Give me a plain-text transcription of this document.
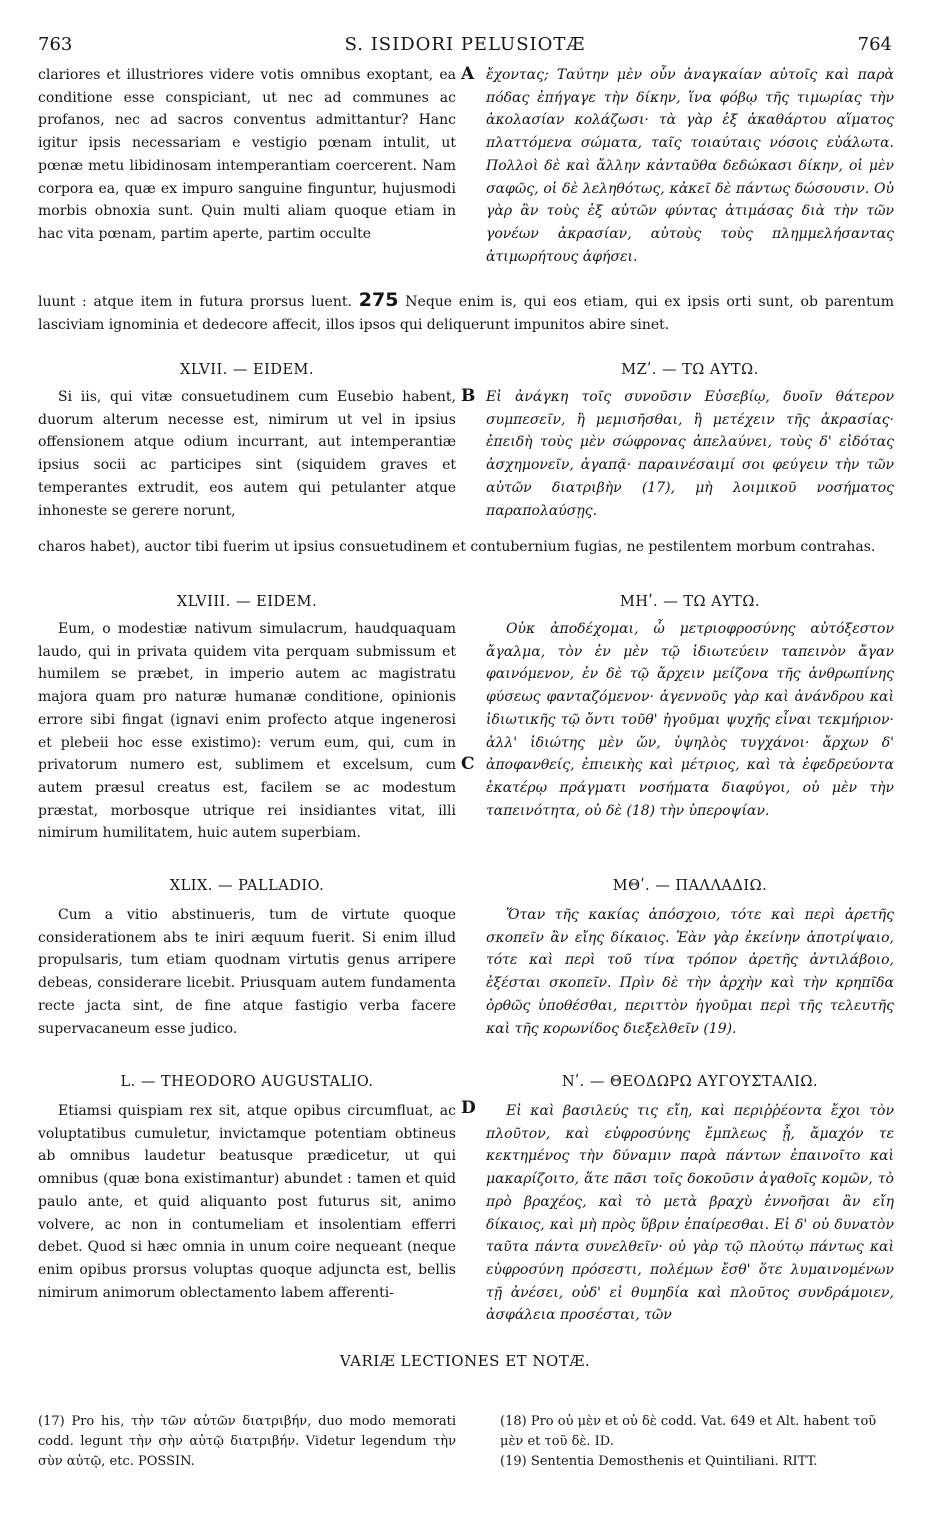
763	S. ISIDORI PELUSIOTÆ	764

clariores et illustriores videre votis omnibus exoptant, ea conditione esse conspiciant, ut nec ad communes ac profanos, nec ad sacros conventus admittantur? Hanc igitur ipsis necessariam e vestigio pœnam intulit, ut pœnæ metu libidinosam intemperantiam coercerent. Nam corpora ea, quæ ex impuro sanguine finguntur, hujusmodi morbis obnoxia sunt. Quin multi aliam quoque etiam in hac vita pœnam, partim aperte, partim occulte

A ἔχοντας; Ταύτην μὲν οὖν ἀναγκαίαν αὐτοῖς καὶ παρὰ πόδας ἐπήγαγε τὴν δίκην, ἵνα φόβῳ τῆς τιμωρίας τὴν ἀκολασίαν κολάζωσι· τὰ γὰρ ἐξ ἀκαθάρτου αἵματος πλαττόμενα σώματα, ταῖς τοιαύταις νόσοις εὐάλωτα. Πολλοὶ δὲ καὶ ἄλλην κἀνταῦθα δεδώκασι δίκην, οἱ μὲν σαφῶς, οἱ δὲ λεληθότως, κἀκεῖ δὲ πάντως δώσουσιν. Οὐ γὰρ ἂν τοὺς ἐξ αὐτῶν φύντας ἀτιμάσας διὰ τὴν τῶν γονέων ἀκρασίαν, αὐτοὺς τοὺς πλημμελήσαντας ἀτιμωρήτους ἀφήσει.

luunt : atque item in futura prorsus luent. 275 Neque enim is, qui eos etiam, qui ex ipsis orti sunt, ob parentum lasciviam ignominia et dedecore affecit, illos ipsos qui deliquerunt impunitos abire sinet.
XLVII. — EIDEM.	ΜΖʹ. — ΤΩ ΑΥΤΩ.

Si iis, qui vitæ consuetudinem cum Eusebio habent, duorum alterum necesse est, nimirum ut vel in ipsius offensionem atque odium incurrant, aut intemperantiæ ipsius socii ac participes sint (siquidem graves et temperantes extrudit, eos autem qui petulanter atque inhoneste se gerere norunt,

B Εἰ ἀνάγκη τοῖς συνοῦσιν Εὐσεβίῳ, δυοῖν θάτερον συμπεσεῖν, ἢ μεμισῆσθαι, ἢ μετέχειν τῆς ἀκρασίας· ἐπειδὴ τοὺς μὲν σώφρονας ἀπελαύνει, τοὺς δ' εἰδότας ἀσχημονεῖν, ἀγαπᾷ· παραινέσαιμί σοι φεύγειν τὴν τῶν αὐτῶν διατριβὴν (17), μὴ λοιμικοῦ νοσήματος παραπολαύσῃς.

charos habet), auctor tibi fuerim ut ipsius consuetudinem et contubernium fugias, ne pestilentem morbum contrahas.

XLVIII. — EIDEM.	ΜΗʹ. — ΤΩ ΑΥΤΩ.

Eum, o modestiæ nativum simulacrum, haudquaquam laudo, qui in privata quidem vita perquam submissum et humilem se præbet, in imperio autem ac magistratu majora quam pro naturæ humanæ conditione, opinionis errore sibi fingat (ignavi enim profecto atque ingenerosi et plebeii hoc esse existimo): verum eum, qui, cum in privatorum numero est, sublimem et excelsum, cum autem præsul creatus est, facilem se ac modestum præstat, morbosque utrique rei insidiantes vitat, illi nimirum humilitatem, huic autem superbiam.

C

Οὐκ ἀποδέχομαι, ὦ μετριοφροσύνης αὐτόξεστον ἄγαλμα, τὸν ἐν μὲν τῷ ἰδιωτεύειν ταπεινὸν ἄγαν φαινόμενον, ἐν δὲ τῷ ἄρχειν μείζονα τῆς ἀνθρωπίνης φύσεως φανταζόμενον· ἀγεννοῦς γὰρ καὶ ἀνάνδρου καὶ ἰδιωτικῆς τῷ ὄντι τοῦθ' ἡγοῦμαι ψυχῆς εἶναι τεκμήριον· ἀλλ' ἰδιώτης μὲν ὤν, ὑψηλὸς τυγχάνοι· ἄρχων δ' ἀποφανθείς, ἐπιεικὴς καὶ μέτριος, καὶ τὰ ἐφεδρεύοντα ἑκατέρῳ πράγματι νοσήματα διαφύγοι, οὐ μὲν τὴν ταπεινότητα, οὐ δὲ (18) τὴν ὑπεροψίαν.

XLIX. — PALLADIO.	ΜΘʹ. — ΠΑΛΛΑΔΙΩ.

Cum a vitio abstinueris, tum de virtute quoque considerationem abs te iniri æquum fuerit. Si enim illud propulsaris, tum etiam quodnam virtutis genus arripere debeas, considerare licebit. Priusquam autem fundamenta recte jacta sint, de fine atque fastigio verba facere supervacaneum esse judico.

Ὅταν τῆς κακίας ἀπόσχοιο, τότε καὶ περὶ ἀρετῆς σκοπεῖν ἂν εἴης δίκαιος. Ἐὰν γὰρ ἐκείνην ἀποτρίψαιο, τότε καὶ περὶ τοῦ τίνα τρόπον ἀρετῆς ἀντιλάβοιο, ἐξέσται σκοπεῖν. Πρὶν δὲ τὴν ἀρχὴν καὶ τὴν κρηπῖδα ὀρθῶς ὑποθέσθαι, περιττὸν ἡγοῦμαι περὶ τῆς τελευτῆς καὶ τῆς κορωνίδος διεξελθεῖν (19).

L. — THEODORO AUGUSTALIO.	Νʹ. — ΘΕΟΔΩΡΩ ΑΥΓΟΥΣΤΑΛΙΩ.

Etiamsi quispiam rex sit, atque opibus circumfluat, ac voluptatibus cumuletur, invictamque potentiam obtineus ab omnibus laudetur beatusque prædicetur, ut qui omnibus (quæ bona existimantur) abundet : tamen et quid paulo ante, et quid aliquanto post futurus sit, animo volvere, ac non in contumeliam et insolentiam efferri debet. Quod si hæc omnia in unum coire nequeant (neque enim opibus prorsus voluptas quoque adjuncta est, bellis nimirum animorum oblectamento labem afferenti-

D	Εἰ καὶ βασιλεύς τις εἴη, καὶ περιῤῥέοντα ἔχοι τὸν πλοῦτον, καὶ εὐφροσύνης ἔμπλεως ᾖ, ἄμαχόν τε κεκτημένος τὴν δύναμιν παρὰ πάντων ἐπαινοῖτο καὶ μακαρίζοιτο, ἅτε πᾶσι τοῖς δοκοῦσιν ἀγαθοῖς κομῶν, τὸ πρὸ βραχέος, καὶ τὸ μετὰ βραχὺ ἐννοῆσαι ἂν εἴη δίκαιος, καὶ μὴ πρὸς ὕβριν ἐπαίρεσθαι. Εἰ δ' οὐ δυνατὸν ταῦτα πάντα συνελθεῖν· οὐ γὰρ τῷ πλούτῳ πάντως καὶ εὐφροσύνη πρόσεστι, πολέμων ἔσθ' ὅτε λυμαινομένων τῇ ἀνέσει, οὐδ' εἰ θυμηδία καὶ πλοῦτος συνδράμοιεν, ἀσφάλεια προσέσται, τῶν

VARIÆ LECTIONES ET NOTÆ.
(17) Pro his, τὴν τῶν αὐτῶν διατριβήν, duo modo memorati codd. legunt τὴν σὴν αὐτῷ διατριβήν. Videtur legendum τὴν σὺν αὐτῷ, etc. POSSIN.
(18) Pro οὐ μὲν et οὐ δὲ codd. Vat. 649 et Alt. habent τοῦ μὲν et τοῦ δὲ. ID.
(19) Sententia Demosthenis et Quintiliani. RITT.
